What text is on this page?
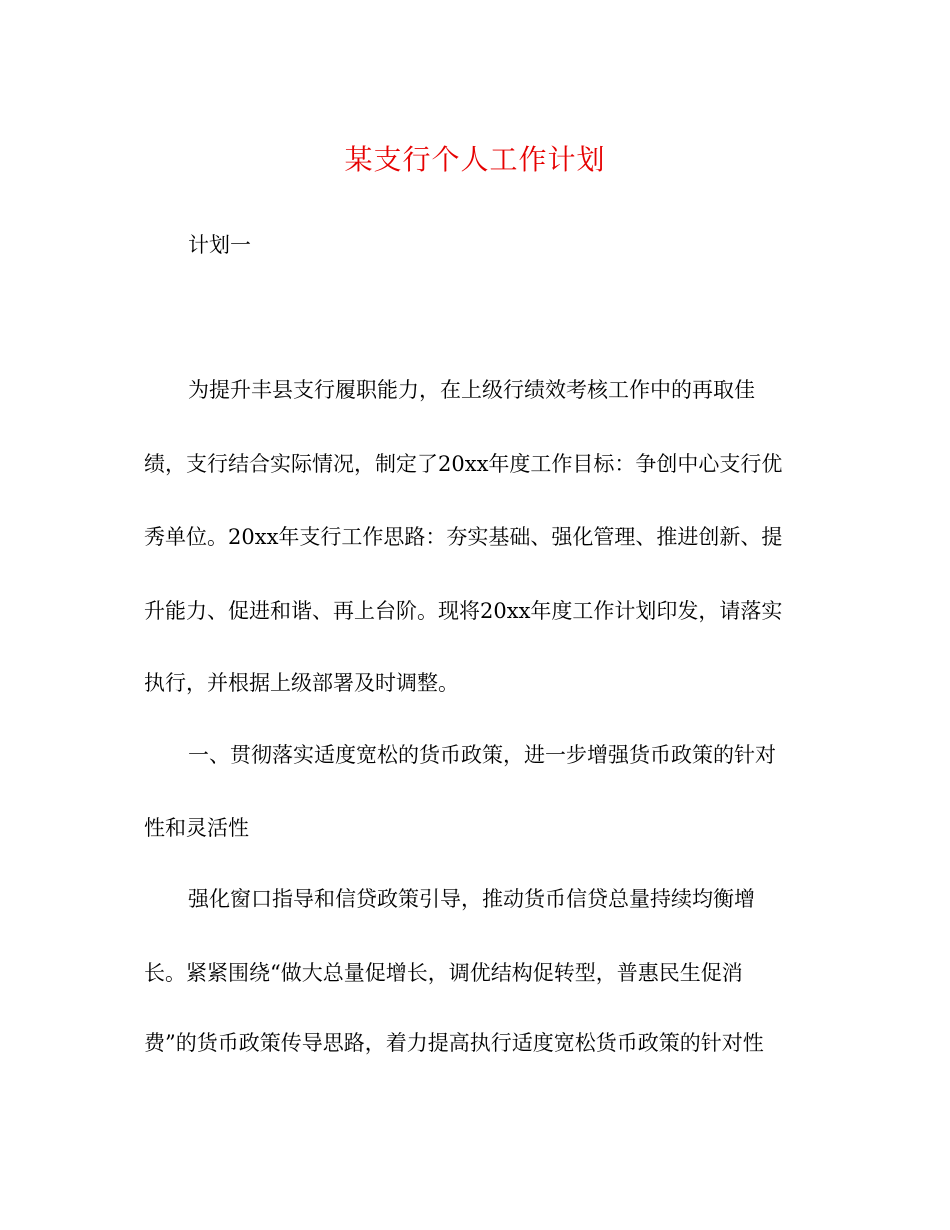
某支行个人工作计划

计划一

为提升丰县支行履职能力，在上级行绩效考核工作中的再取佳

绩，支行结合实际情况，制定了20xx年度工作目标：争创中心支行优

秀单位。20xx年支行工作思路：夯实基础、强化管理、推进创新、提

升能力、促进和谐、再上台阶。现将20xx年度工作计划印发，请落实

执行，并根据上级部署及时调整。

一、贯彻落实适度宽松的货币政策，进一步增强货币政策的针对

性和灵活性

强化窗口指导和信贷政策引导，推动货币信贷总量持续均衡增

长。紧紧围绕“做大总量促增长，调优结构促转型，普惠民生促消

费”的货币政策传导思路，着力提高执行适度宽松货币政策的针对性
